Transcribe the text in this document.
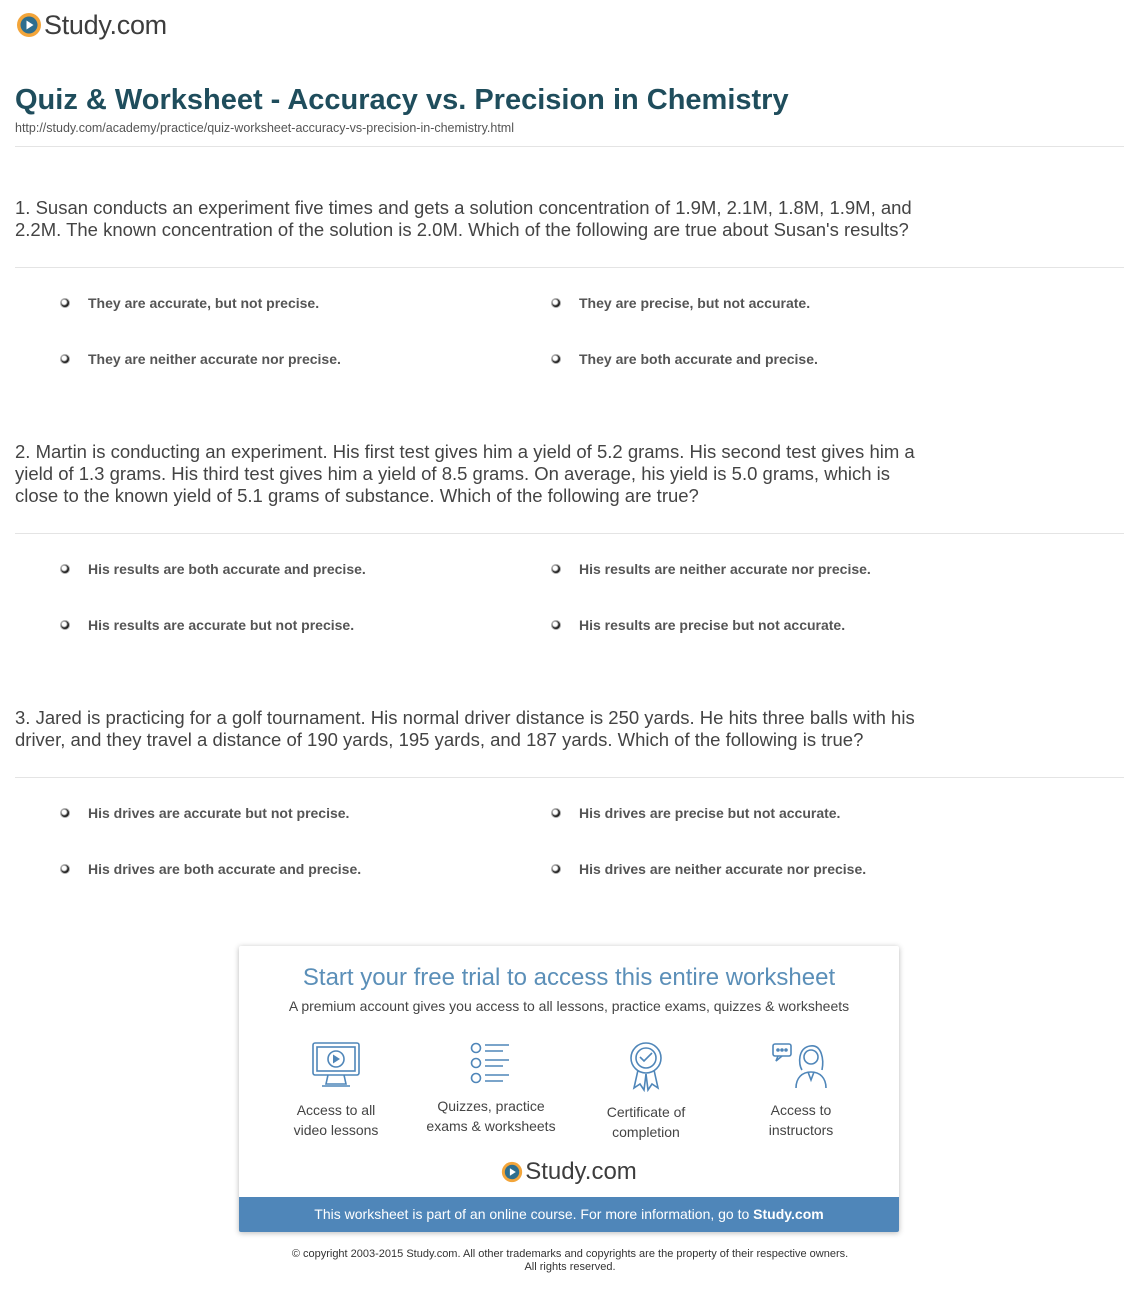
Study.com
Quiz & Worksheet - Accuracy vs. Precision in Chemistry
http://study.com/academy/practice/quiz-worksheet-accuracy-vs-precision-in-chemistry.html

1. Susan conducts an experiment five times and gets a solution concentration of 1.9M, 2.1M, 1.8M, 1.9M, and 2.2M. The known concentration of the solution is 2.0M. Which of the following are true about Susan's results?

They are accurate, but not precise.	They are precise, but not accurate.
They are neither accurate nor precise.	They are both accurate and precise.

2. Martin is conducting an experiment. His first test gives him a yield of 5.2 grams. His second test gives him a yield of 1.3 grams. His third test gives him a yield of 8.5 grams. On average, his yield is 5.0 grams, which is close to the known yield of 5.1 grams of substance. Which of the following are true?

His results are both accurate and precise.	His results are neither accurate nor precise.
His results are accurate but not precise.	His results are precise but not accurate.

3. Jared is practicing for a golf tournament. His normal driver distance is 250 yards. He hits three balls with his driver, and they travel a distance of 190 yards, 195 yards, and 187 yards. Which of the following is true?

His drives are accurate but not precise.	His drives are precise but not accurate.
His drives are both accurate and precise.	His drives are neither accurate nor precise.
Start your free trial to access this entire worksheet
A premium account gives you access to all lessons, practice exams, quizzes & worksheets
Access to all
video lessons
Quizzes, practice
exams & worksheets
Certificate of
completion
Access to
instructors
Study.com
This worksheet is part of an online course. For more information, go to Study.com
© copyright 2003-2015 Study.com. All other trademarks and copyrights are the property of their respective owners.
All rights reserved.
